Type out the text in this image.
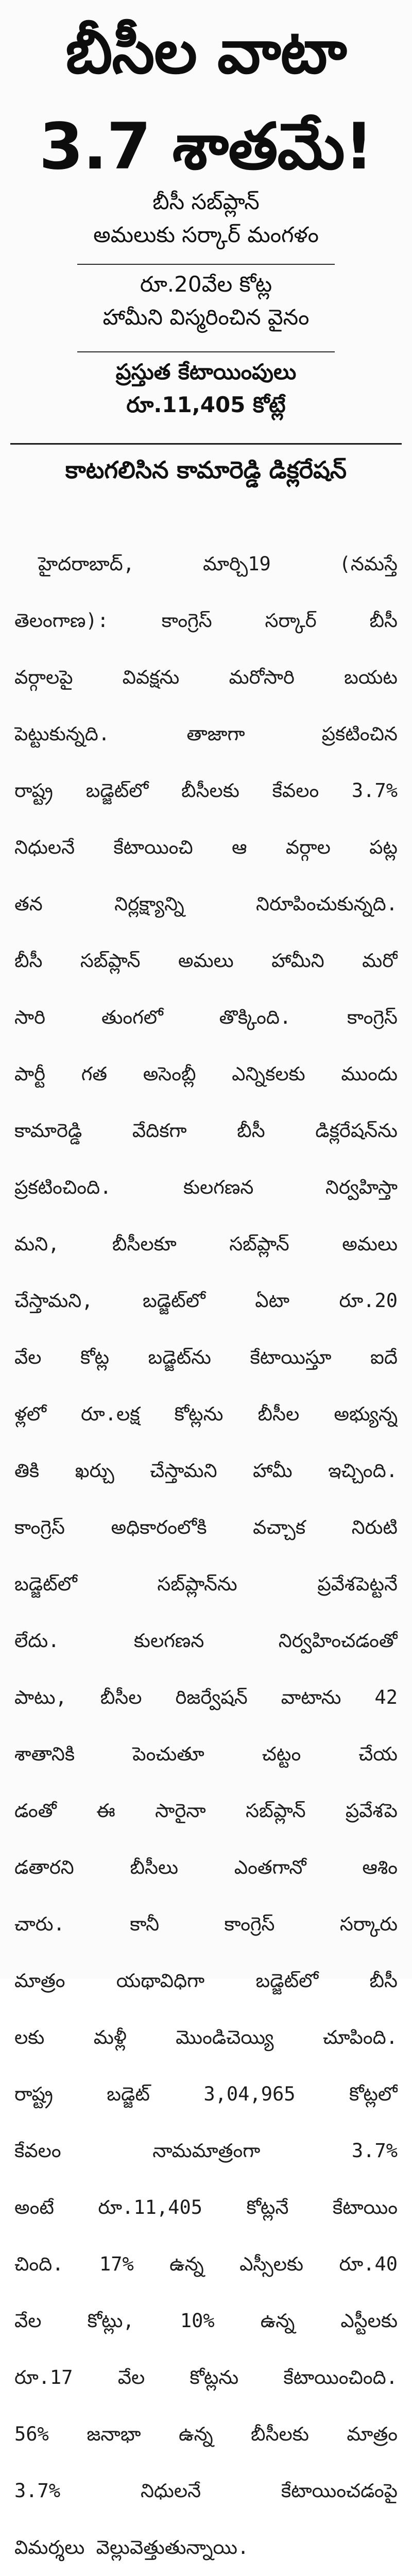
బీసీల వాటా
3.7 శాతమే!

బీసీ సబ్‌ప్లాన్

అమలుకు సర్కార్ మంగళం

రూ.20వేల కోట్ల

హామీని విస్మరించిన వైనం

ప్రస్తుత కేటాయింపులు

రూ.11,405 కోట్లే

కాటగలిసిన కామారెడ్డి డిక్లరేషన్
హైదరాబాద్, మార్చి19 (నమస్తే
తెలంగాణ): కాంగ్రెస్ సర్కార్ బీసీ
వర్గాలపై వివక్షను మరోసారి బయట
పెట్టుకున్నది. తాజాగా ప్రకటించిన
రాష్ట్ర బడ్జెట్‌లో బీసీలకు కేవలం 3.7%
నిధులనే కేటాయించి ఆ వర్గాల పట్ల
తన నిర్లక్ష్యాన్ని నిరూపించుకున్నది.
బీసీ సబ్‌ప్లాన్ అమలు హామీని మరో
సారి తుంగలో తొక్కింది. కాంగ్రెస్
పార్టీ గత అసెంబ్లీ ఎన్నికలకు ముందు
కామారెడ్డి వేదికగా బీసీ డిక్లరేషన్‌ను
ప్రకటించింది. కులగణన నిర్వహిస్తా
మని, బీసీలకూ సబ్‌ప్లాన్ అమలు
చేస్తామని, బడ్జెట్‌లో ఏటా రూ.20
వేల కోట్ల బడ్జెట్‌ను కేటాయిస్తూ ఐదే
ళ్లలో రూ.లక్ష కోట్లను బీసీల అభ్యున్న
తికి ఖర్చు చేస్తామని హామీ ఇచ్చింది.
కాంగ్రెస్ అధికారంలోకి వచ్చాక నిరుటి
బడ్జెట్‌లో సబ్‌ప్లాన్‌ను ప్రవేశపెట్టనే
లేదు. కులగణన నిర్వహించడంతో
పాటు, బీసీల రిజర్వేషన్ వాటాను 42
శాతానికి పెంచుతూ చట్టం చేయ
డంతో ఈ సారైనా సబ్‌ప్లాన్ ప్రవేశపె
డతారని బీసీలు ఎంతగానో ఆశిం
చారు. కానీ కాంగ్రెస్ సర్కారు
మాత్రం యథావిధిగా బడ్జెట్‌లో బీసీ
లకు మళ్లీ మొండిచెయ్యి చూపింది.
రాష్ట్ర బడ్జెట్ 3,04,965 కోట్లలో
కేవలం నామమాత్రంగా 3.7%
అంటే రూ.11,405 కోట్లనే కేటాయిం
చింది. 17% ఉన్న ఎస్సీలకు రూ.40
వేల కోట్లు, 10% ఉన్న ఎస్టీలకు
రూ.17 వేల కోట్లను కేటాయించింది.
56% జనాభా ఉన్న బీసీలకు మాత్రం
3.7% నిధులనే కేటాయించడంపై
విమర్శలు వెల్లువెత్తుతున్నాయి.
